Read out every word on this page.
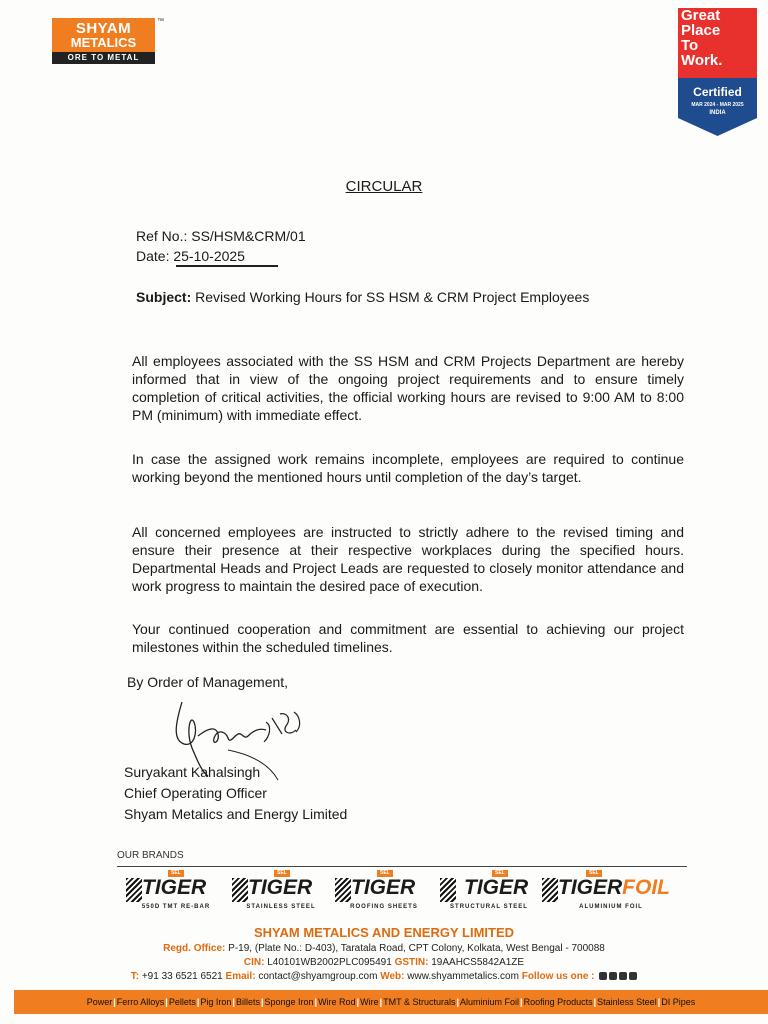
SHYAM
METALICS
ORE TO METAL
™	Great
Place
To
Work.
Certified
MAR 2024 - MAR 2025
INDIA
CIRCULAR
Ref No.: SS/HSM&CRM/01
Date: 25-10-2025
Subject: Revised Working Hours for SS HSM & CRM Project Employees
All employees associated with the SS HSM and CRM Projects Department are hereby informed that in view of the ongoing project requirements and to ensure timely completion of critical activities, the official working hours are revised to 9:00 AM to 8:00 PM (minimum) with immediate effect.
In case the assigned work remains incomplete, employees are required to continue working beyond the mentioned hours until completion of the day’s target.
All concerned employees are instructed to strictly adhere to the revised timing and ensure their presence at their respective workplaces during the specified hours. Departmental Heads and Project Leads are requested to closely monitor attendance and work progress to maintain the desired pace of execution.
Your continued cooperation and commitment are essential to achieving our project milestones within the scheduled timelines.
By Order of Management,
Suryakant Kahalsingh
Chief Operating Officer
Shyam Metalics and Energy Limited
OUR BRANDS
SEL
TIGER
550D TMT RE-BAR
SEL
TIGER
STAINLESS STEEL
SEL
TIGER
ROOFING SHEETS
SEL
TIGER
STRUCTURAL STEEL
SEL
TIGERFOIL
ALUMINIUM FOIL
SHYAM METALICS AND ENERGY LIMITED
Regd. Office: P-19, (Plate No.: D-403), Taratala Road, CPT Colony, Kolkata, West Bengal - 700088
CIN: L40101WB2002PLC095491 GSTIN: 19AAHCS5842A1ZE
T: +91 33 6521 6521 Email: contact@shyamgroup.com Web: www.shyammetalics.com Follow us one :
Power | Ferro Alloys | Pellets | Pig Iron | Billets | Sponge Iron | Wire Rod | Wire | TMT & Structurals | Aluminium Foil | Roofing Products | Stainless Steel | DI Pipes
